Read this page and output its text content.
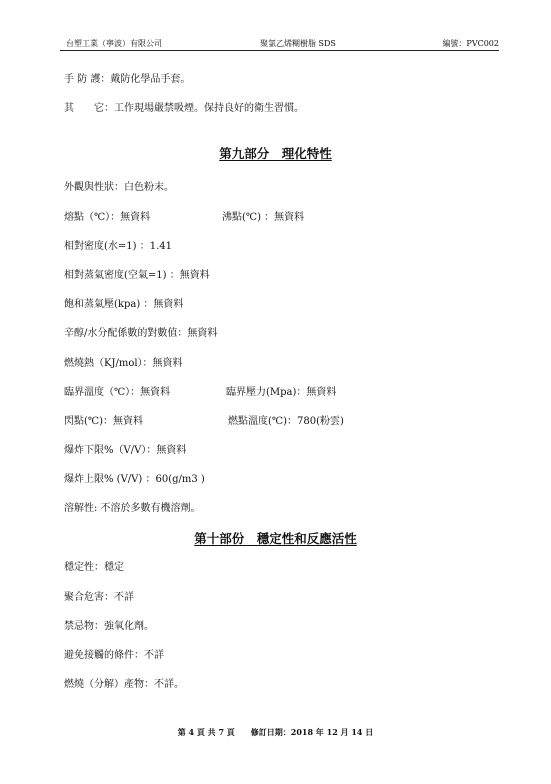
台塑工業（寧波）有限公司	聚氯乙烯糊樹脂 SDS	編號：PVC002
手 防 護：戴防化學品手套。
其　　它：工作現場嚴禁吸煙。保持良好的衛生習慣。
第九部分　理化特性
外觀與性狀：白色粉末。
熔點（℃）：無資料	沸點(℃) ：無資料
相對密度(水=1) ：1.41
相對蒸氣密度(空氣=1) ：無資料
飽和蒸氣壓(kpa) ：無資料
辛醇/水分配係數的對數值：無資料
燃燒熱（KJ/mol）：無資料
臨界溫度（℃）：無資料	臨界壓力(Mpa)：無資料
閃點(℃)：無資料	燃點溫度(℃)：780(粉雲)
爆炸下限%（V/V）：無資料
爆炸上限% (V/V) ：60(g/m3 )
溶解性: 不溶於多數有機溶劑。
第十部份　穩定性和反應活性
穩定性：穩定
聚合危害：不詳
禁忌物：強氧化劑。
避免接觸的條件：不詳
燃燒（分解）產物：不詳。
第 4 頁 共 7 頁　　修訂日期：2018 年 12 月 14 日
